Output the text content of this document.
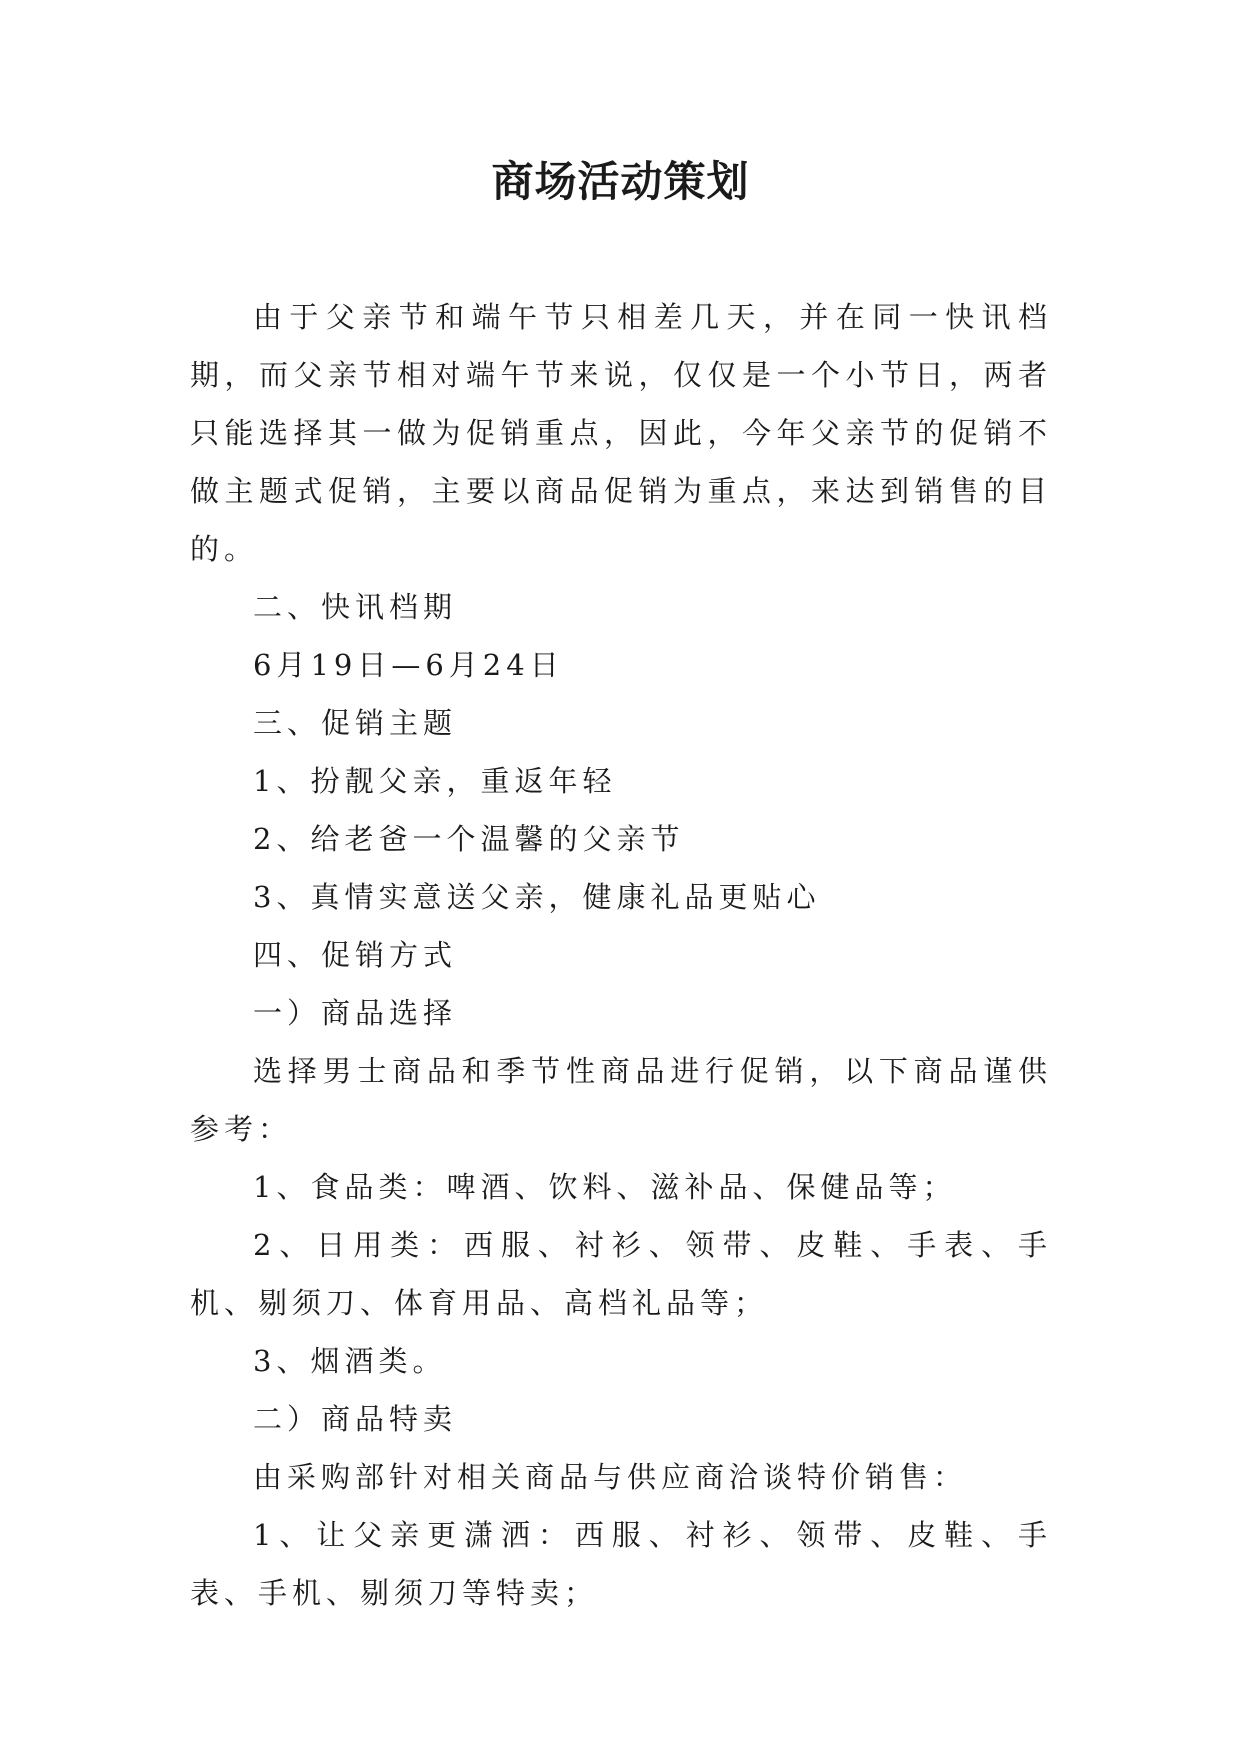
商场活动策划

由于父亲节和端午节只相差几天，并在同一快讯档期，而父亲节相对端午节来说，仅仅是一个小节日，两者只能选择其一做为促销重点，因此，今年父亲节的促销不做主题式促销，主要以商品促销为重点，来达到销售的目的。

二、快讯档期

6月19日—6月24日

三、促销主题

1、扮靓父亲，重返年轻

2、给老爸一个温馨的父亲节

3、真情实意送父亲，健康礼品更贴心

四、促销方式

一）商品选择

选择男士商品和季节性商品进行促销，以下商品谨供参考：

1、食品类：啤酒、饮料、滋补品、保健品等；

2、日用类：西服、衬衫、领带、皮鞋、手表、手机、剔须刀、体育用品、高档礼品等；

3、烟酒类。

二）商品特卖

由采购部针对相关商品与供应商洽谈特价销售：

1、让父亲更潇洒：西服、衬衫、领带、皮鞋、手表、手机、剔须刀等特卖；
